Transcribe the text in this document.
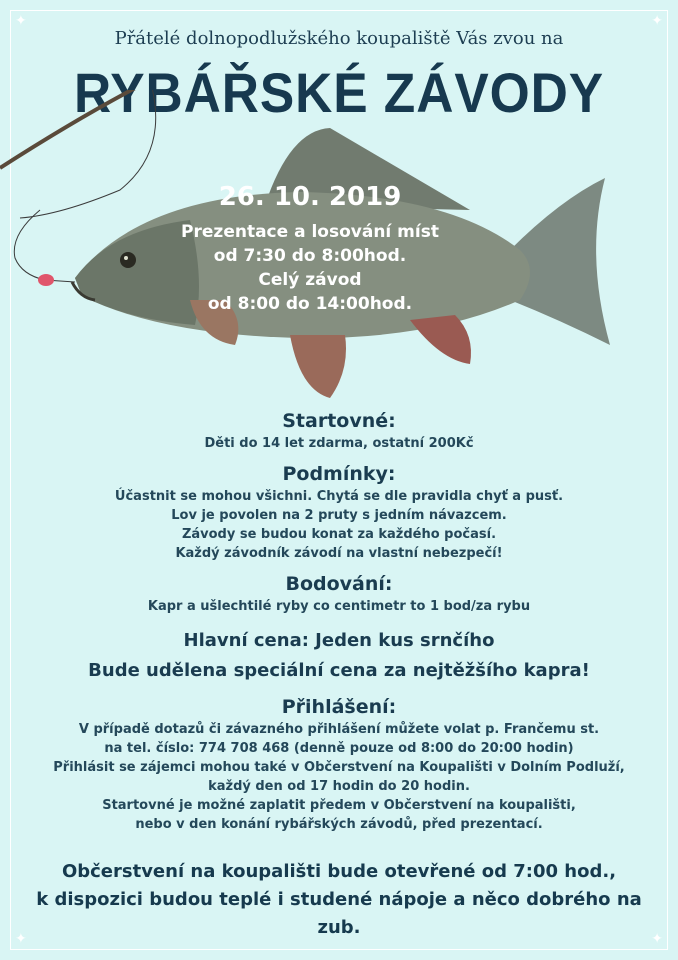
✦	✦
✦	✦
Přátelé dolnopodlužského koupaliště Vás zvou na
RYBÁŘSKÉ ZÁVODY
26. 10. 2019
Prezentace a losování míst
od 7:30 do 8:00hod.
Celý závod
od 8:00 do 14:00hod.
Startovné:
Děti do 14 let zdarma, ostatní 200Kč
Podmínky:
Účastnit se mohou všichni. Chytá se dle pravidla chyť a pusť.
Lov je povolen na 2 pruty s jedním návazcem.
Závody se budou konat za každého počasí.
Každý závodník závodí na vlastní nebezpečí!
Bodování:
Kapr a ušlechtilé ryby co centimetr to 1 bod/za rybu
Hlavní cena: Jeden kus srnčího
Bude udělena speciální cena za nejtěžšího kapra!
Přihlášení:
V případě dotazů či závazného přihlášení můžete volat p. Frančemu st.
na tel. číslo: 774 708 468 (denně pouze od 8:00 do 20:00 hodin)
Přihlásit se zájemci mohou také v Občerstvení na Koupališti v Dolním Podluží,
každý den od 17 hodin do 20 hodin.
Startovné je možné zaplatit předem v Občerstvení na koupališti,
nebo v den konání rybářských závodů, před prezentací.
Občerstvení na koupališti bude otevřené od 7:00 hod.,
k dispozici budou teplé i studené nápoje a něco dobrého na zub.
